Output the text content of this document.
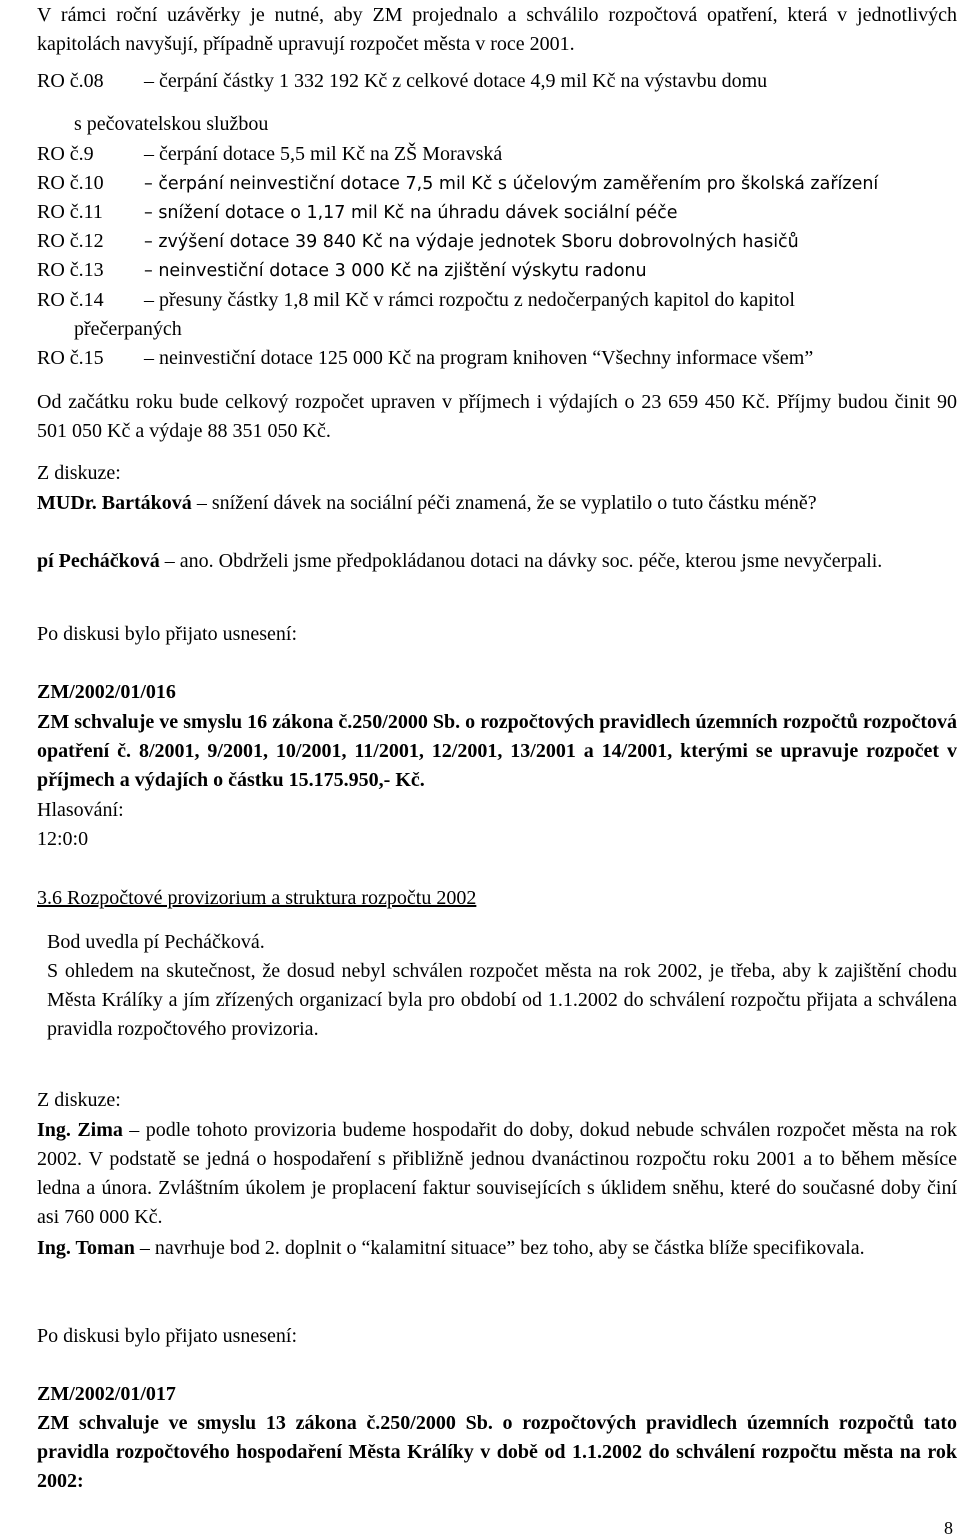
V rámci roční uzávěrky je nutné, aby ZM projednalo a schválilo rozpočtová opatření, která v jednotlivých kapitolách navyšují, případně upravují rozpočet města v roce 2001.

RO č.08 – čerpání částky 1 332 192 Kč z celkové dotace 4,9 mil Kč na výstavbu domu
s pečovatelskou službou
RO č.9	– čerpání dotace 5,5 mil Kč na ZŠ Moravská
RO č.10 – čerpání neinvestiční dotace 7,5 mil Kč s účelovým zaměřením pro školská zařízení
RO č.11 – snížení dotace o 1,17 mil Kč na úhradu dávek sociální péče
RO č.12 – zvýšení dotace 39 840 Kč na výdaje jednotek Sboru dobrovolných hasičů
RO č.13 – neinvestiční dotace 3 000 Kč na zjištění výskytu radonu
RO č.14 – přesuny částky 1,8 mil Kč v rámci rozpočtu z nedočerpaných kapitol do kapitol
přečerpaných
RO č.15 – neinvestiční dotace 125 000 Kč na program knihoven “Všechny informace všem”

Od začátku roku bude celkový rozpočet upraven v příjmech i výdajích o 23 659 450 Kč. Příjmy budou činit 90 501 050 Kč a výdaje 88 351 050 Kč.

Z diskuze:

MUDr. Bartáková – snížení dávek na sociální péči znamená, že se vyplatilo o tuto částku méně?
pí Pecháčková – ano. Obdrželi jsme předpokládanou dotaci na dávky soc. péče, kterou jsme nevyčerpali.

Po diskusi bylo přijato usnesení:

ZM/2002/01/016

ZM schvaluje ve smyslu 16 zákona č.250/2000 Sb. o rozpočtových pravidlech územních rozpočtů rozpočtová opatření č. 8/2001, 9/2001, 10/2001, 11/2001, 12/2001, 13/2001 a 14/2001, kterými se upravuje rozpočet v příjmech a výdajích o částku 15.175.950,- Kč.

Hlasování:

12:0:0

3.6 Rozpočtové provizorium a struktura rozpočtu 2002

Bod uvedla pí Pecháčková.

S ohledem na skutečnost, že dosud nebyl schválen rozpočet města na rok 2002, je třeba, aby k zajištění chodu Města Králíky a jím zřízených organizací byla pro období od 1.1.2002 do schválení rozpočtu přijata a schválena pravidla rozpočtového provizoria.

Z diskuze:

Ing. Zima – podle tohoto provizoria budeme hospodařit do doby, dokud nebude schválen rozpočet města na rok 2002. V podstatě se jedná o hospodaření s přibližně jednou dvanáctinou rozpočtu roku 2001 a to během měsíce ledna a února. Zvláštním úkolem je proplacení faktur souvisejících s úklidem sněhu, které do současné doby činí asi 760 000 Kč.
Ing. Toman – navrhuje bod 2. doplnit o “kalamitní situace” bez toho, aby se částka blíže specifikovala.

Po diskusi bylo přijato usnesení:

ZM/2002/01/017

ZM schvaluje ve smyslu 13 zákona č.250/2000 Sb. o rozpočtových pravidlech územních rozpočtů tato pravidla rozpočtového hospodaření Města Králíky v době od 1.1.2002 do schválení rozpočtu města na rok 2002:

8
